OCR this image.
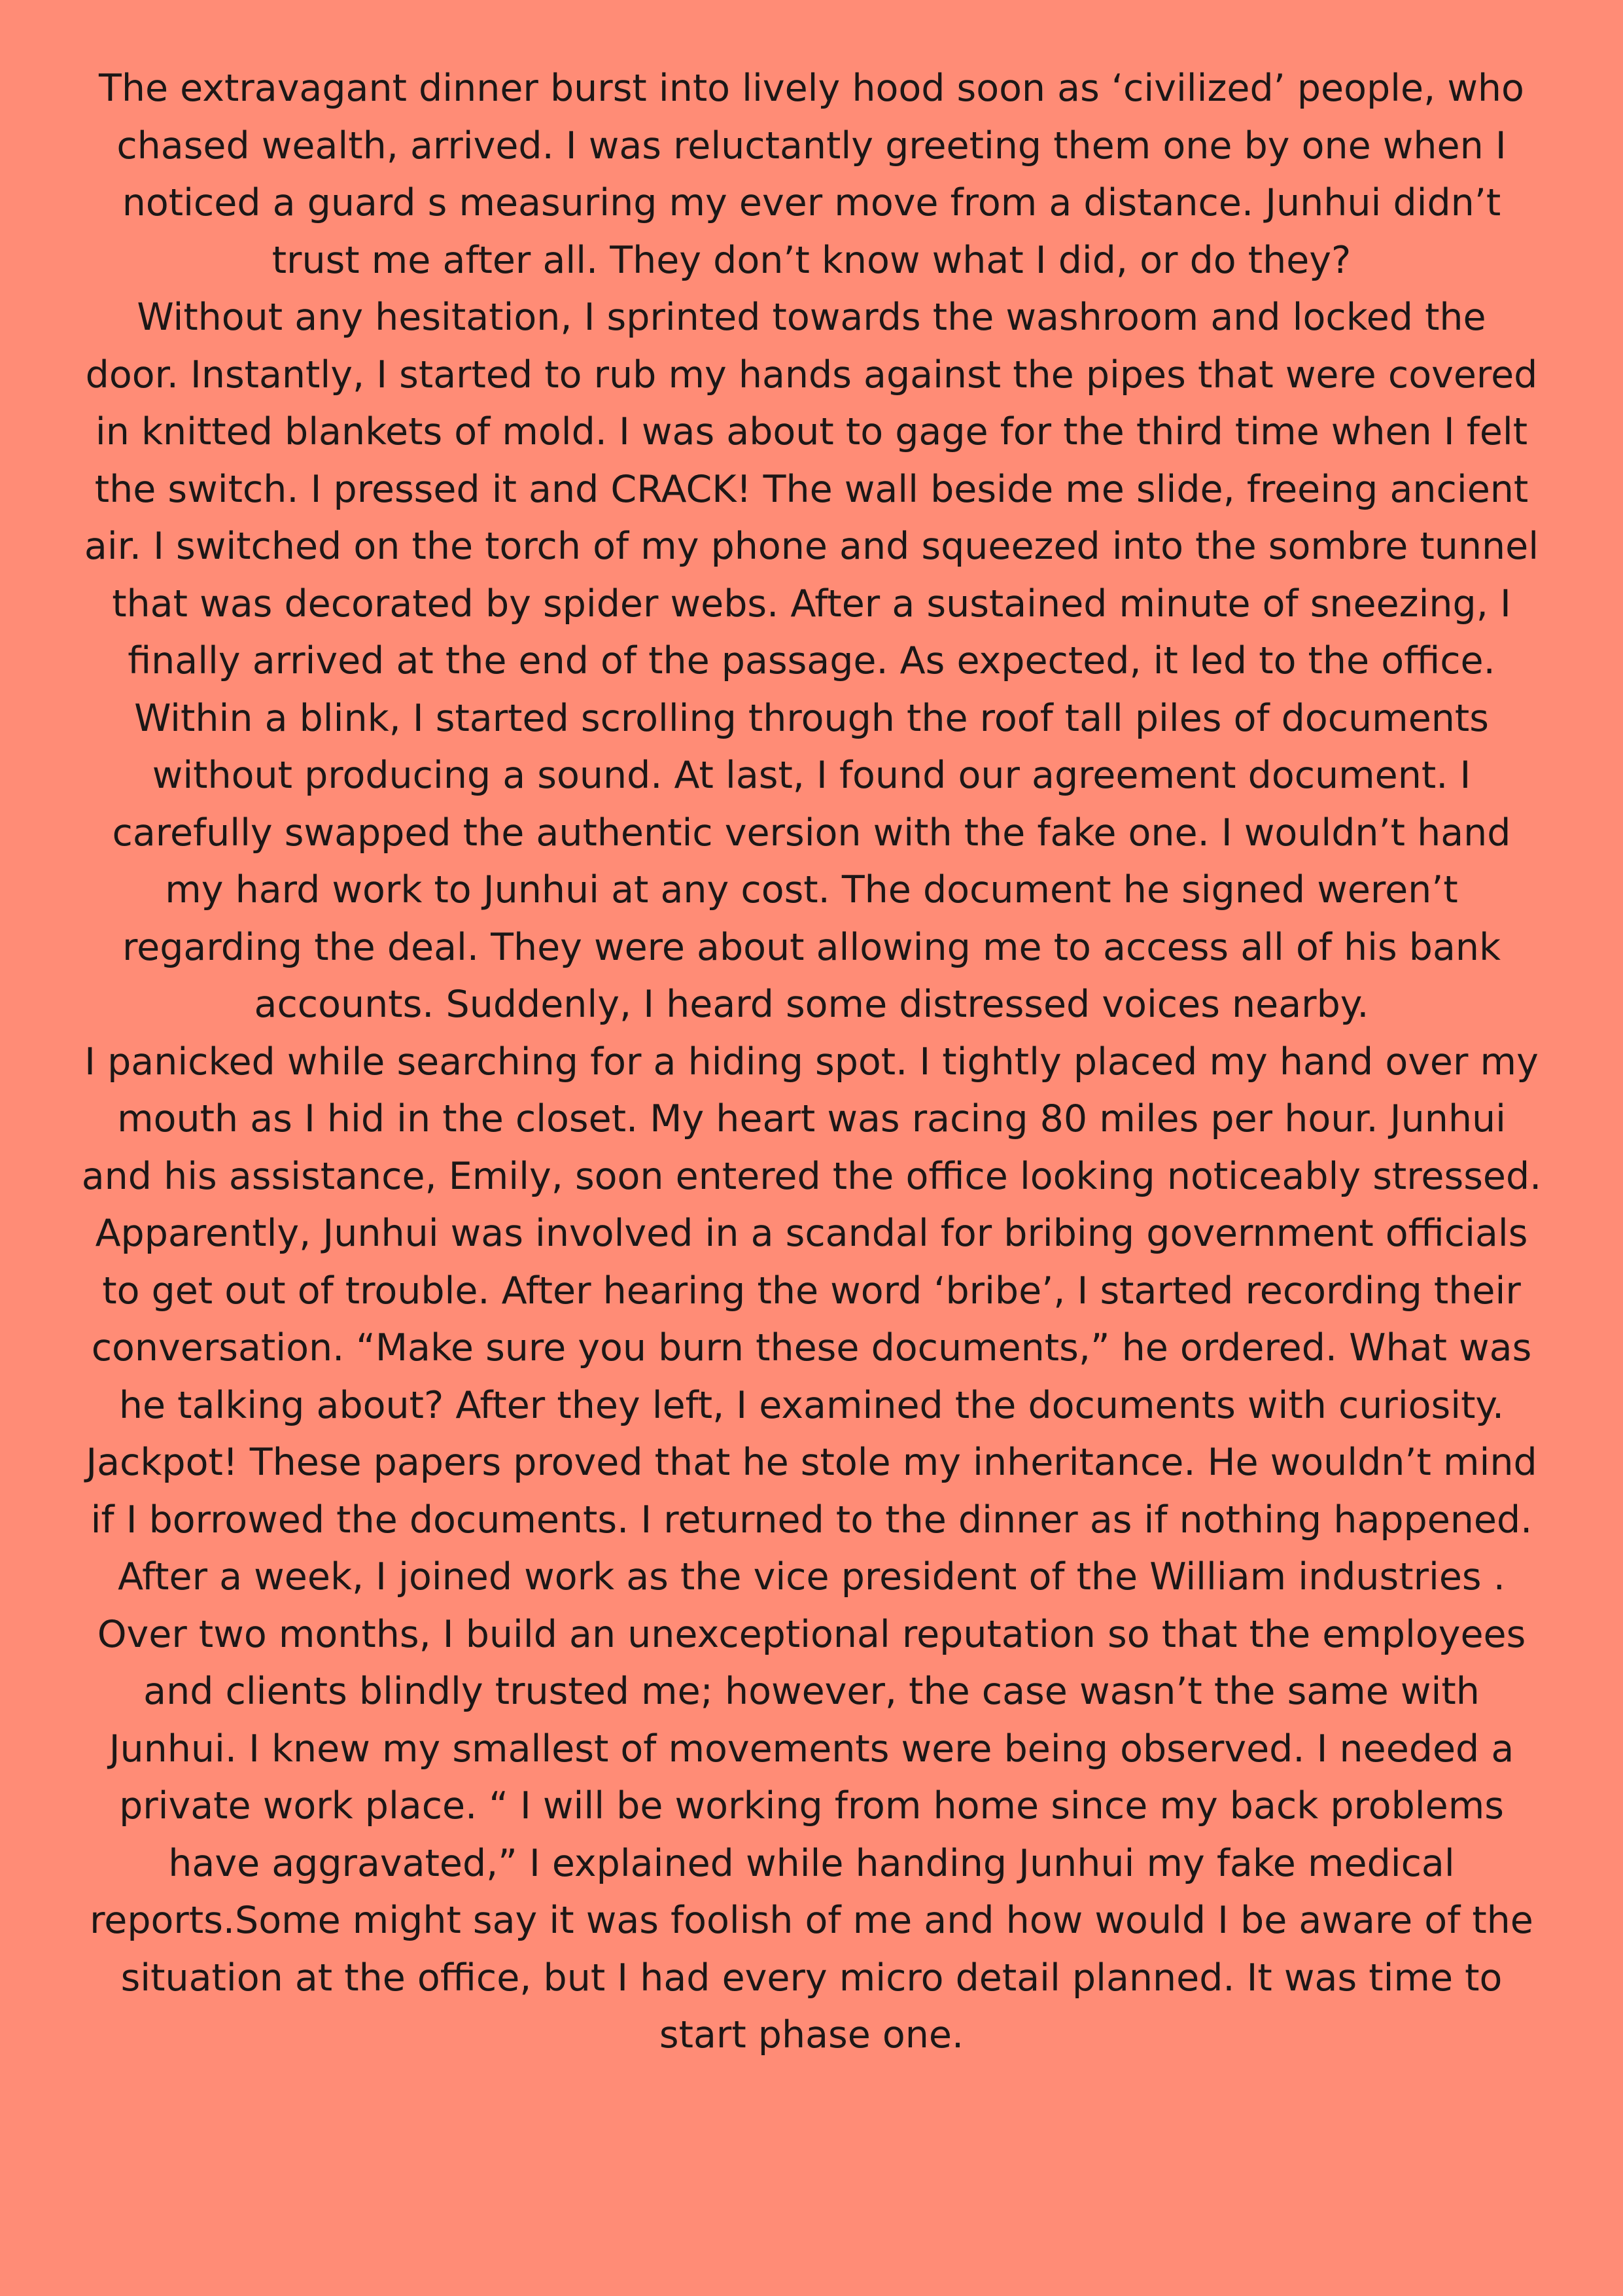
The extravagant dinner burst into lively hood soon as ‘civilized’ people, who
chased wealth, arrived. I was reluctantly greeting them one by one when I
noticed a guard s measuring my ever move from a distance. Junhui didn’t
trust me after all. They don’t know what I did, or do they?
Without any hesitation, I sprinted towards the washroom and locked the
door. Instantly, I started to rub my hands against the pipes that were covered
in knitted blankets of mold. I was about to gage for the third time when I felt
the switch. I pressed it and CRACK! The wall beside me slide, freeing ancient
air. I switched on the torch of my phone and squeezed into the sombre tunnel
that was decorated by spider webs. After a sustained minute of sneezing, I
finally arrived at the end of the passage. As expected, it led to the office.
Within a blink, I started scrolling through the roof tall piles of documents
without producing a sound. At last, I found our agreement document. I
carefully swapped the authentic version with the fake one. I wouldn’t hand
my hard work to Junhui at any cost. The document he signed weren’t
regarding the deal. They were about allowing me to access all of his bank
accounts. Suddenly, I heard some distressed voices nearby.
I panicked while searching for a hiding spot. I tightly placed my hand over my
mouth as I hid in the closet. My heart was racing 80 miles per hour. Junhui
and his assistance, Emily, soon entered the office looking noticeably stressed.
Apparently, Junhui was involved in a scandal for bribing government officials
to get out of trouble. After hearing the word ‘bribe’, I started recording their
conversation. “Make sure you burn these documents,” he ordered. What was
he talking about? After they left, I examined the documents with curiosity.
Jackpot! These papers proved that he stole my inheritance. He wouldn’t mind
if I borrowed the documents. I returned to the dinner as if nothing happened.
After a week, I joined work as the vice president of the William industries .
Over two months, I build an unexceptional reputation so that the employees
and clients blindly trusted me; however, the case wasn’t the same with
Junhui. I knew my smallest of movements were being observed. I needed a
private work place. “ I will be working from home since my back problems
have aggravated,” I explained while handing Junhui my fake medical
reports.Some might say it was foolish of me and how would I be aware of the
situation at the office, but I had every micro detail planned. It was time to
start phase one.
